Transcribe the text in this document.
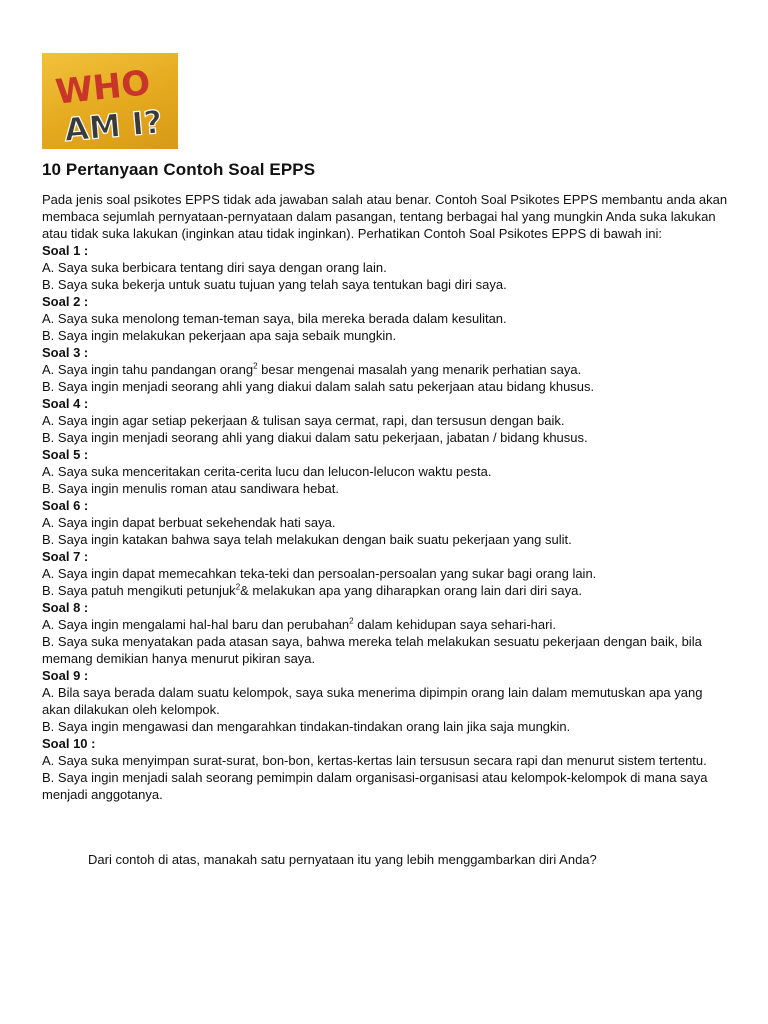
WHO
AM I?
10 Pertanyaan Contoh Soal EPPS

Pada jenis soal psikotes EPPS tidak ada jawaban salah atau benar. Contoh Soal Psikotes EPPS membantu anda akan membaca sejumlah pernyataan-pernyataan dalam pasangan, tentang berbagai hal yang mungkin Anda suka lakukan atau tidak suka lakukan (inginkan atau tidak inginkan). Perhatikan Contoh Soal Psikotes EPPS di bawah ini:

Soal 1 :

A. Saya suka berbicara tentang diri saya dengan orang lain.

B. Saya suka bekerja untuk suatu tujuan yang telah saya tentukan bagi diri saya.

Soal 2 :

A. Saya suka menolong teman-teman saya, bila mereka berada dalam kesulitan.

B. Saya ingin melakukan pekerjaan apa saja sebaik mungkin.

Soal 3 :

A. Saya ingin tahu pandangan orang$^2$ besar mengenai masalah yang menarik perhatian saya.

B. Saya ingin menjadi seorang ahli yang diakui dalam salah satu pekerjaan atau bidang khusus.

Soal 4 :

A. Saya ingin agar setiap pekerjaan & tulisan saya cermat, rapi, dan tersusun dengan baik.

B. Saya ingin menjadi seorang ahli yang diakui dalam satu pekerjaan, jabatan / bidang khusus.

Soal 5 :

A. Saya suka menceritakan cerita-cerita lucu dan lelucon-lelucon waktu pesta.

B. Saya ingin menulis roman atau sandiwara hebat.

Soal 6 :

A. Saya ingin dapat berbuat sekehendak hati saya.

B. Saya ingin katakan bahwa saya telah melakukan dengan baik suatu pekerjaan yang sulit.

Soal 7 :

A. Saya ingin dapat memecahkan teka-teki dan persoalan-persoalan yang sukar bagi orang lain.

B. Saya patuh mengikuti petunjuk$^2$& melakukan apa yang diharapkan orang lain dari diri saya.

Soal 8 :

A. Saya ingin mengalami hal-hal baru dan perubahan$^2$ dalam kehidupan saya sehari-hari.

B. Saya suka menyatakan pada atasan saya, bahwa mereka telah melakukan sesuatu pekerjaan dengan baik, bila memang demikian hanya menurut pikiran saya.

Soal 9 :

A. Bila saya berada dalam suatu kelompok, saya suka menerima dipimpin orang lain dalam memutuskan apa yang akan dilakukan oleh kelompok.

B. Saya ingin mengawasi dan mengarahkan tindakan-tindakan orang lain jika saja mungkin.

Soal 10 :

A. Saya suka menyimpan surat-surat, bon-bon, kertas-kertas lain tersusun secara rapi dan menurut sistem tertentu.

B. Saya ingin menjadi salah seorang pemimpin dalam organisasi-organisasi atau kelompok-kelompok di mana saya menjadi anggotanya.

Dari contoh di atas, manakah satu pernyataan itu yang lebih menggambarkan diri Anda?
